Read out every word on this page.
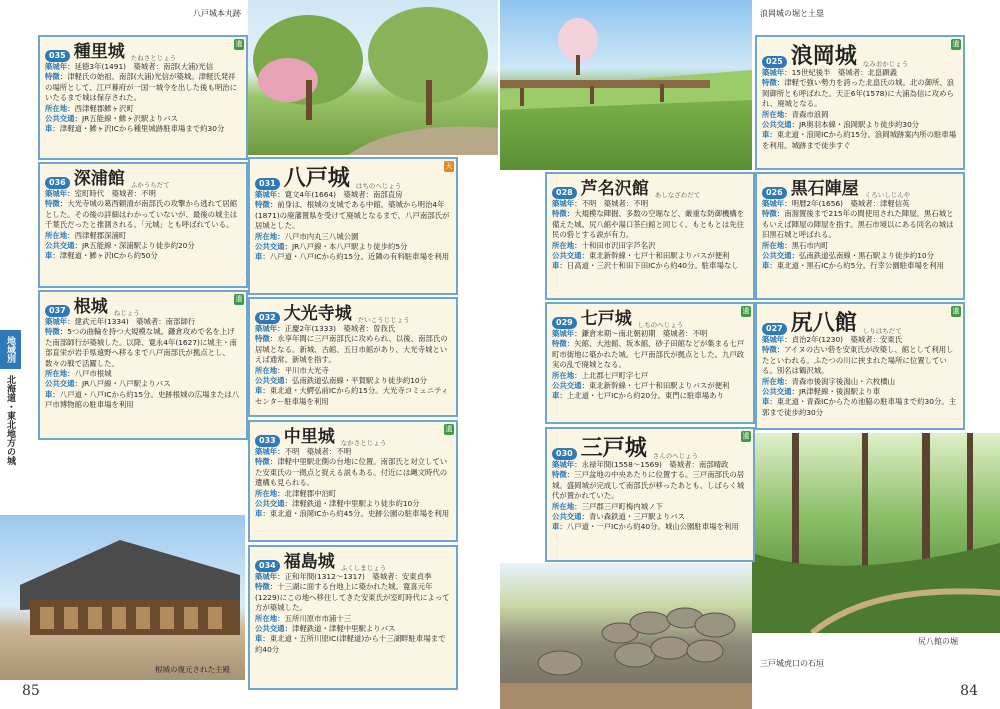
八戸城本丸跡	浪岡城の堀と土塁
根城の復元された主殿
三戸城虎口の石垣
尻八館の堀
地域別
北海道・東北地方の城
85	84
035 種里城 たねさとじょう
遺

築城年：延徳3年(1491)　築城者：南部(大浦)光信

特徴：津軽氏の始祖、南部(大浦)光信が築城。津軽氏発祥の場所として、江戸幕府が一国一城令を出した後も明治にいたるまで城は保存された。

所在地：西津軽郡鰺ヶ沢町

公共交通：JR五能線・鰺ヶ沢駅よりバス

車：津軽道・鰺ヶ沢ICから種里城跡駐車場まで約30分

036 深浦館 ふかうらだて

築城年：室町時代　築城者：不明

特徴：大光寺城の葛西頼清が南部氏の攻撃から逃れて居館とした。その後の詳細はわかっていないが、最後の城主は千葉氏だったと推測される。「元城」とも呼ばれている。

所在地：西津軽郡深浦町

公共交通：JR五能線・深浦駅より徒歩約20分

車：津軽道・鰺ヶ沢ICから約50分

037 根城 ねじょう
遺

築城年：建武元年(1334)　築城者：南部師行

特徴：5つの曲輪を持つ大規模な城。鎌倉攻めで名を上げた南部師行が築城した。以降、寛永4年(1627)に城主・南部直栄が岩手県遠野へ移るまで八戸南部氏が拠点とし、数々の戦で活躍した。

所在地：八戸市根城

公共交通：JR八戸線・八戸駅よりバス

車：八戸道・八戸ICから約15分。史跡根城の広場または八戸市博物館の駐車場を利用

031 八戸城 はちのへじょう
天

築城年：寛文4年(1664)　築城者：南部直房

特徴：前身は、根城の支城である中館。築城から明治4年(1871)の廃藩置県を受けて廃城となるまで、八戸南部氏が居城とした。

所在地：八戸市内丸三八城公園

公共交通：JR八戸線・本八戸駅より徒歩約5分

車：八戸道・八戸ICから約15分。近隣の有料駐車場を利用

032 大光寺城 だいこうじじょう

築城年：正慶2年(1333)　築城者：曽我氏

特徴：永享年間に三戸南部氏に攻められ、以後、南部氏の居城となる。新城、古館、五日市館があり、大光寺城といえば通常、新城を指す。

所在地：平川市大光寺

公共交通：弘南鉄道弘南線・平賀駅より徒歩約10分

車：東北道・大鰐弘前ICから約15分。大光寺コミュニティセンター駐車場を利用

033 中里城 なかさとじょう
遺

築城年：不明　築城者：不明

特徴：津軽中里駅北側の台地に位置。南部氏と対立していた安東氏の一拠点と捉える説もある。付近には縄文時代の遺構も見られる。

所在地：北津軽郡中泊町

公共交通：津軽鉄道・津軽中里駅より徒歩約10分

車：東北道・浪岡ICから約45分。史跡公園の駐車場を利用

034 福島城 ふくしまじょう

築城年：正和年間(1312～1317)　築城者：安東貞季

特徴：十三湖に面する台地上に築かれた城。寛喜元年(1229)にこの地へ移住してきた安東氏が室町時代によって方が築城した。

所在地：五所川原市市浦十三

公共交通：津軽鉄道・津軽中里駅よりバス

車：東北道・五所川原IC(津軽道)から十三湖畔駐車場まで約40分

028 芦名沢館 あしなざわだて

築城年：不明　築城者：不明

特徴：大規模な陣掘、多数の空堀など、厳重な防御機構を備えた城。尻八館や湯口茶臼館と同じく、もともとは先住民の砦とする説が有力。

所在地：十和田市沢田字芦名沢

公共交通：東北新幹線・七戸十和田駅よりバスが便利

車：日高道・三沢十和田下田ICから約40分。駐車場なし

029 七戸城 しちのへじょう
遺

築城年：鎌倉末期～南北朝初期　築城者：不明

特徴：矢館、大池館、坂本館、砂子田館などが集まる七戸町市街地に築かれた城。七戸南部氏が拠点とした。九戸政実の乱で廃城となる。

所在地：上北郡七戸町字七戸

公共交通：東北新幹線・七戸十和田駅よりバスが便利

車：上北道・七戸ICから約20分。東門に駐車場あり

030 三戸城 さんのへじょう
遺

築城年：永禄年間(1558～1569)　築城者：南部晴政

特徴：三戸盆地の中央あたりに位置する。三戸南部氏の居城。盛岡城が完成して南部氏が移ったあとも、しばらく城代が置かれていた。

所在地：三戸郡三戸町梅内城ノ下

公共交通：青い森鉄道・三戸駅よりバス

車：八戸道・一戸ICから約40分。城山公園駐車場を利用

025 浪岡城 なみおかじょう
遺

築城年：15世紀後半　築城者：北畠顕義

特徴：津軽で強い勢力を誇った北畠氏の城。北の御所、浪岡御所とも呼ばれた。天正6年(1578)に大浦為信に攻められ、廃城となる。

所在地：青森市浪岡

公共交通：JR奥羽本線・浪岡駅より徒歩約30分

車：東北道・浪岡ICから約15分。浪岡城跡案内所の駐車場を利用。城跡まで徒歩すぐ

026 黒石陣屋 くろいしじんや

築城年：明暦2年(1656)　築城者：津軽信英

特徴：南溜置後まで215年の間使用された陣屋。黒石城ともいえば陣屋の陣屋を指す。黒石市境以にある同名の城は旧黒石城と呼ばれる。

所在地：黒石市内町

公共交通：弘南鉄道弘南線・黒石駅より徒歩約10分

車：東北道・黒石ICから約5分。行幸公園駐車場を利用

027 尻八館 しりはちだて
遺

築城年：貞治2年(1230)　築城者：安東氏

特徴：アイヌの古い砦を安東氏が改築し、館として利用したといわれる。ふたつの川に挟まれた場所に位置している。別名は鶴沢城。

所在地：青森市後潟字後潟山・六枚橋山

公共交通：JR津軽線・後潟駅より車

車：東北道・青森ICからため池脇の駐車場まで約30分。主郭まで徒歩約30分
